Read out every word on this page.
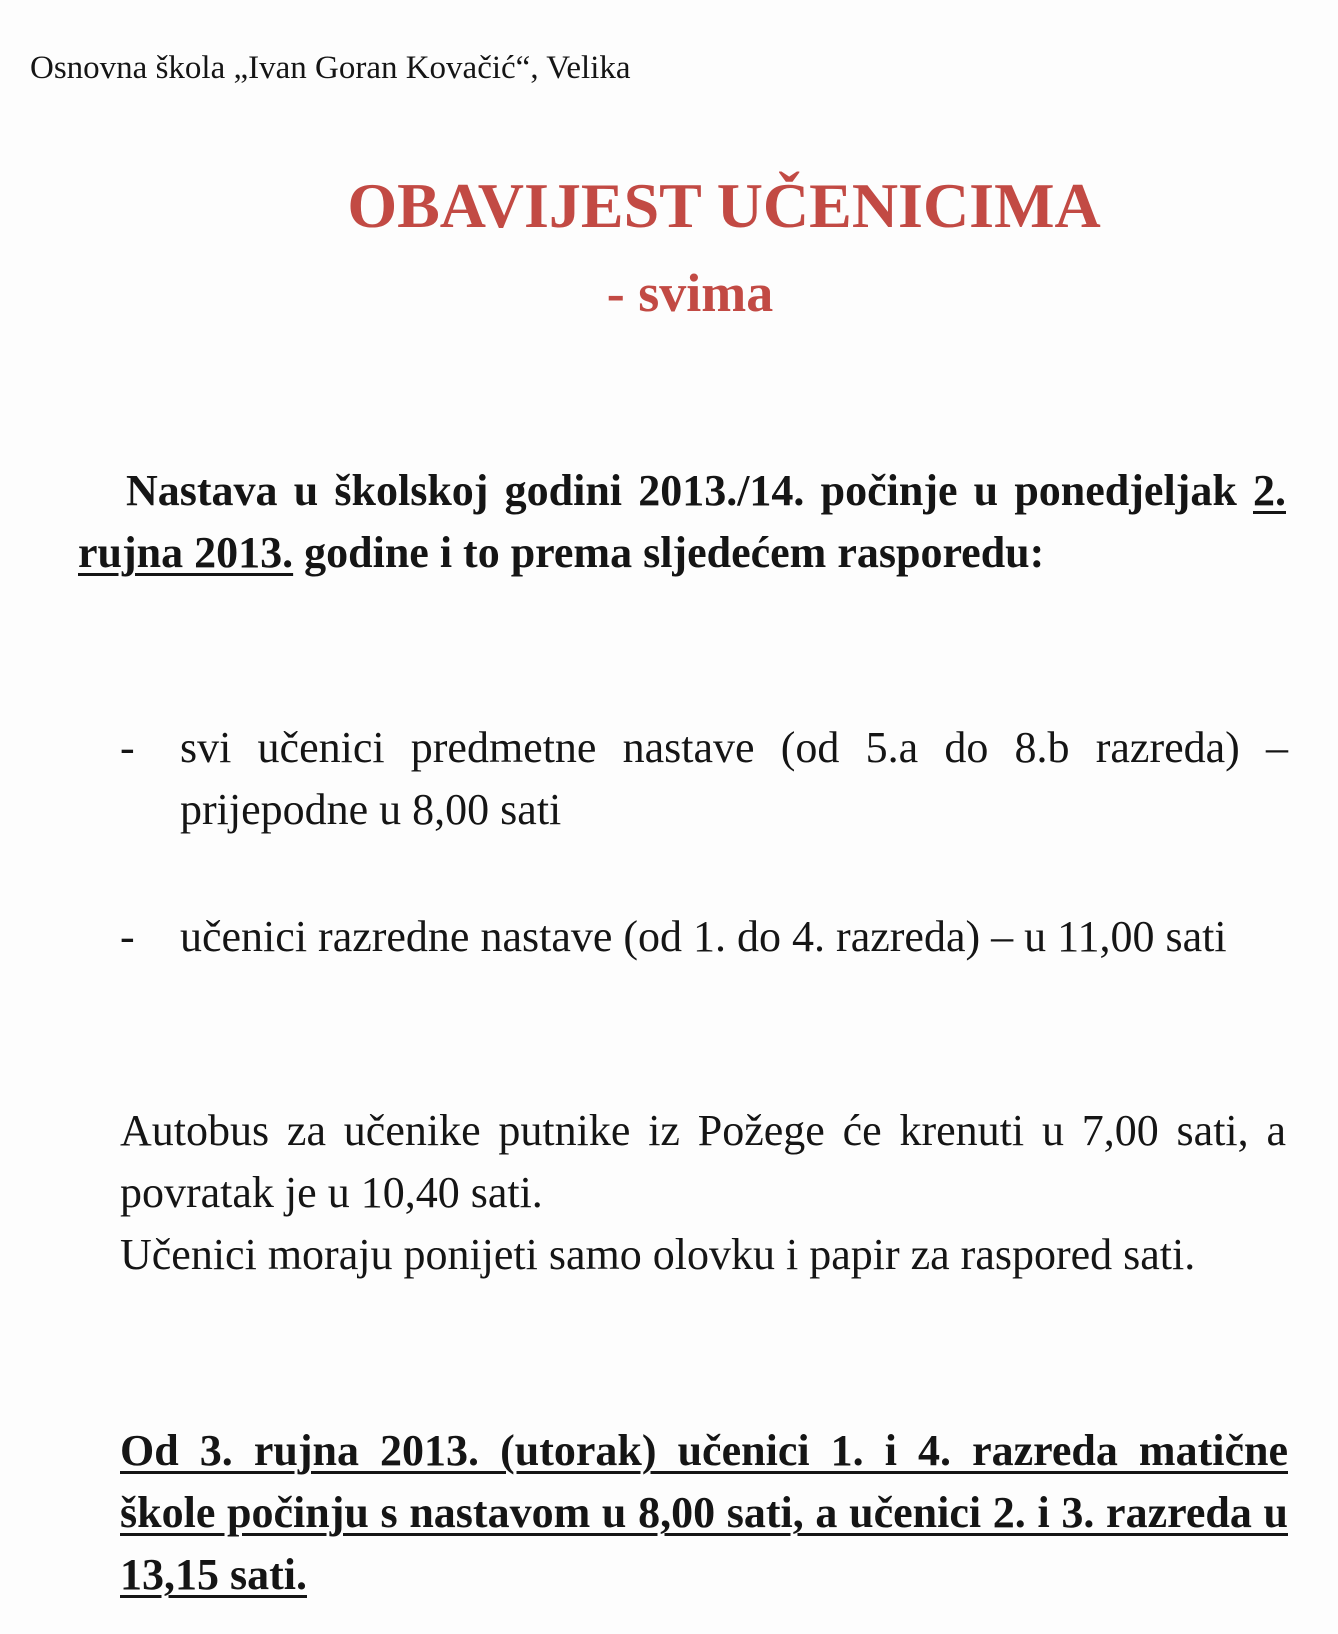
Osnovna škola „Ivan Goran Kovačić“, Velika
OBAVIJEST UČENICIMA
- svima
Nastava u školskoj godini 2013./14. počinje u ponedjeljak 2. rujna 2013. godine i to prema sljedećem rasporedu:
- svi učenici predmetne nastave (od 5.a do 8.b razreda) – prijepodne u 8,00 sati
- učenici razredne nastave (od 1. do 4. razreda) – u 11,00 sati
Autobus za učenike putnike iz Požege će krenuti u 7,00 sati, a povratak je u 10,40 sati.
Učenici moraju ponijeti samo olovku i papir za raspored sati.
Od 3. rujna 2013. (utorak) učenici 1. i 4. razreda matične škole počinju s nastavom u 8,00 sati, a učenici 2. i 3. razreda u 13,15 sati.
